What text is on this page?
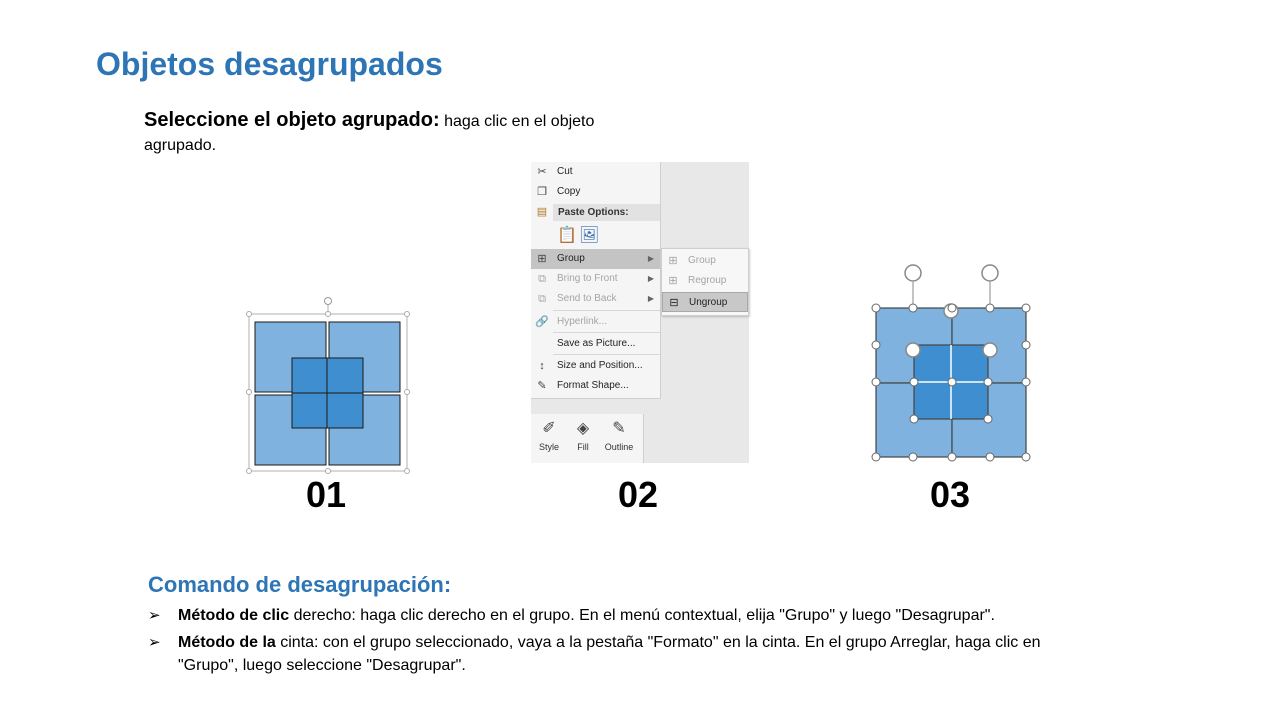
Objetos desagrupados
Seleccione el objeto agrupado: haga clic en el objeto agrupado.
01
✂ Cut
❐ Copy
▤	Paste Options:
📋 🖼
⊞ Group	▶
⧉	Bring to Front	▶
⧉	Send to Back	▶
🔗 Hyperlink...
Save as Picture...
↕	Size and Position...
✎ Format Shape...
⊞ Group
⊞ Regroup
⊟ Ungroup
✐
Style
◈
Fill
✎
Outline
02	03
Comando de desagrupación:
➢ Método de clic derecho: haga clic derecho en el grupo. En el menú contextual, elija "Grupo" y luego "Desagrupar".
➢ Método de la cinta: con el grupo seleccionado, vaya a la pestaña "Formato" en la cinta. En el grupo Arreglar, haga clic en "Grupo", luego seleccione "Desagrupar".
